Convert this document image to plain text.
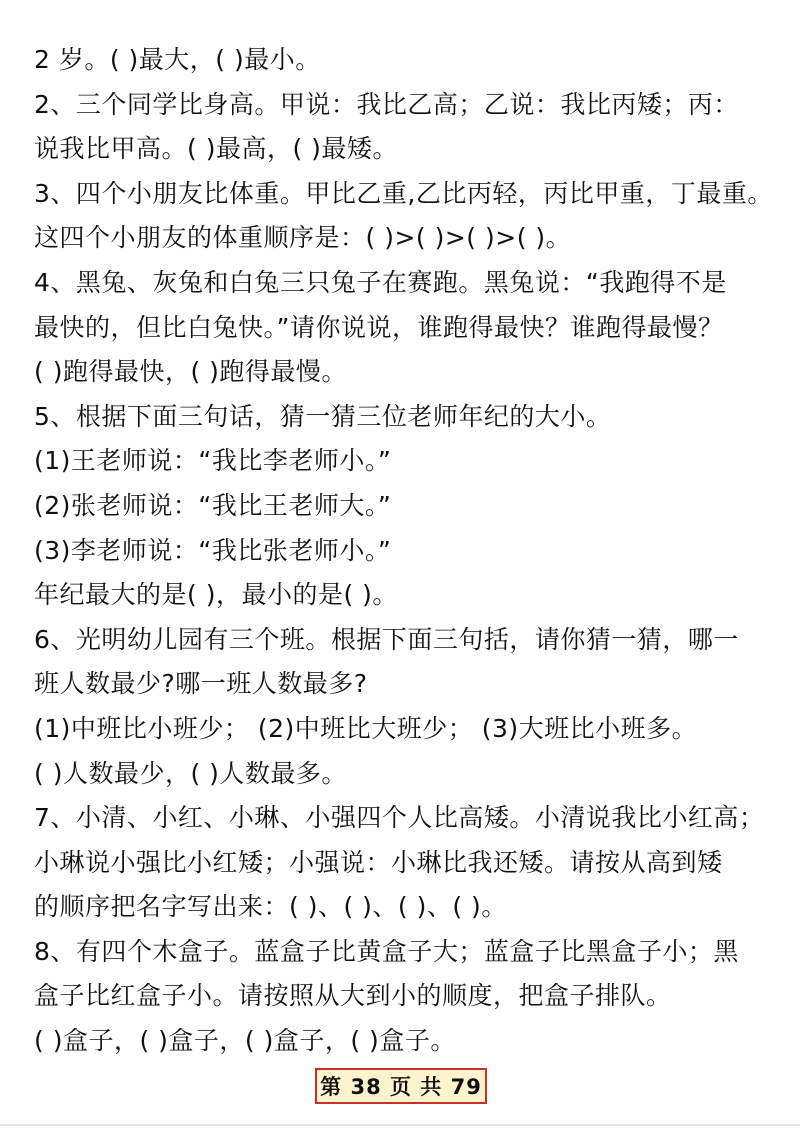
2 岁。( )最大，( )最小。
2、三个同学比身高。甲说：我比乙高；乙说：我比丙矮；丙：
说我比甲高。( )最高，( )最矮。
3、四个小朋友比体重。甲比乙重,乙比丙轻，丙比甲重，丁最重。
这四个小朋友的体重顺序是：( )>( )>( )>( )。
4、黑兔、灰兔和白兔三只兔子在赛跑。黑兔说：“我跑得不是
最快的，但比白兔快。”请你说说，谁跑得最快？谁跑得最慢？
( )跑得最快，( )跑得最慢。
5、根据下面三句话，猜一猜三位老师年纪的大小。
(1)王老师说：“我比李老师小。”
(2)张老师说：“我比王老师大。”
(3)李老师说：“我比张老师小。”
年纪最大的是( )，最小的是( )。
6、光明幼儿园有三个班。根据下面三句括，请你猜一猜，哪一
班人数最少?哪一班人数最多?
(1)中班比小班少； (2)中班比大班少； (3)大班比小班多。
( )人数最少，( )人数最多。
7、小清、小红、小琳、小强四个人比高矮。小清说我比小红高；
小琳说小强比小红矮；小强说：小琳比我还矮。请按从高到矮
的顺序把名字写出来：( )、( )、( )、( )。
8、有四个木盒子。蓝盒子比黄盒子大；蓝盒子比黑盒子小；黑
盒子比红盒子小。请按照从大到小的顺度，把盒子排队。
( )盒子，( )盒子，( )盒子，( )盒子。
第 38 页 共 79
